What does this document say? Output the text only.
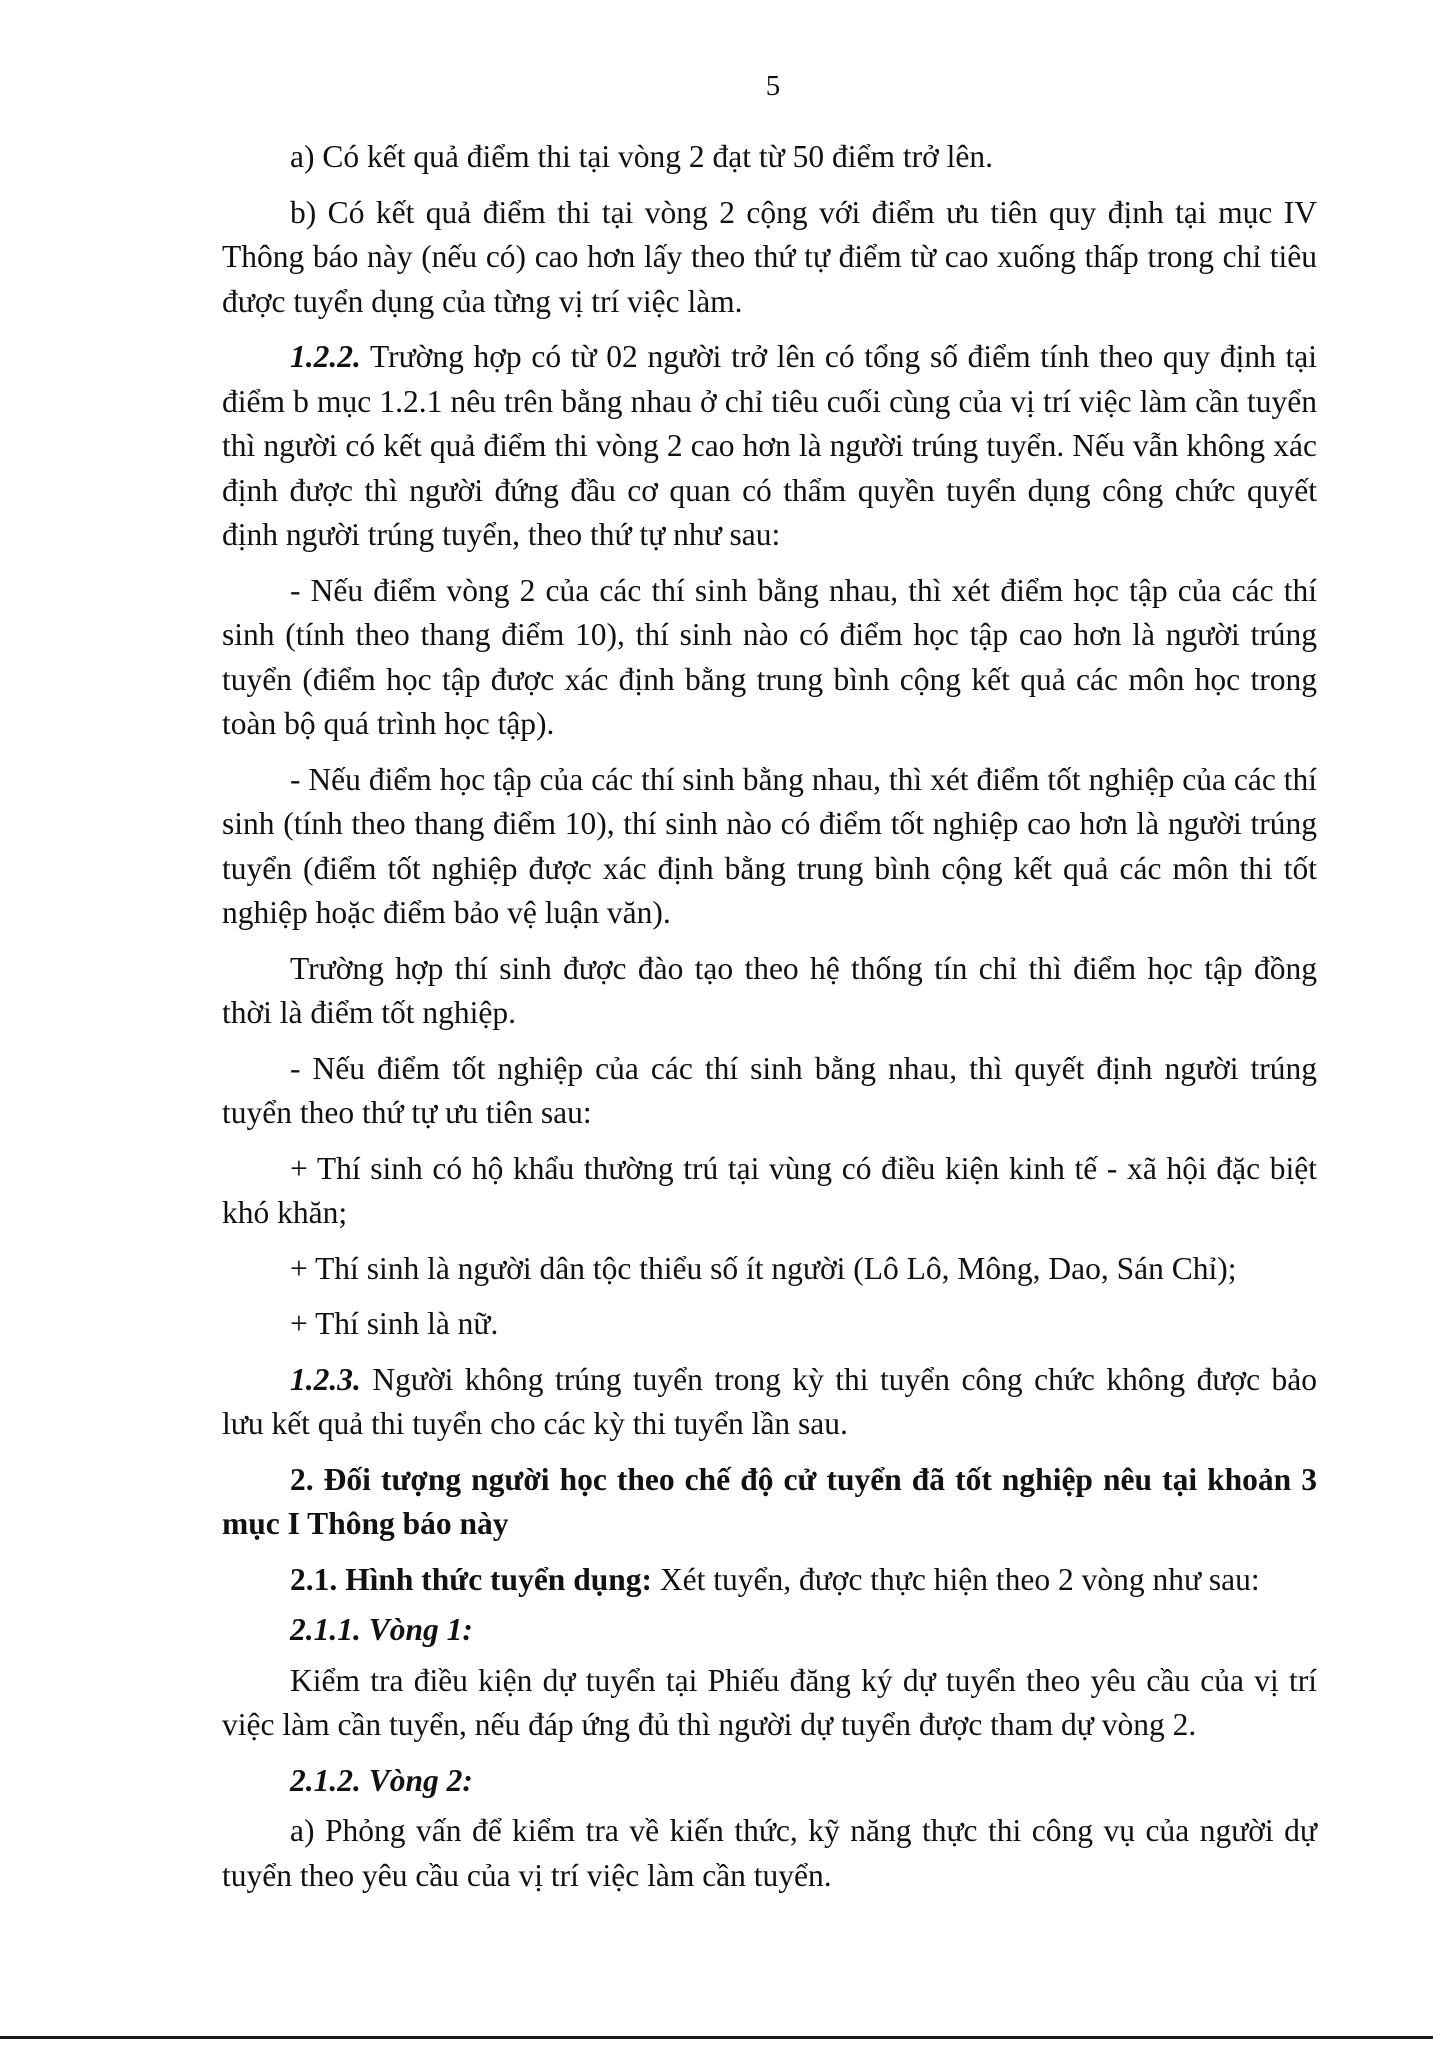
5

a) Có kết quả điểm thi tại vòng 2 đạt từ 50 điểm trở lên.

b) Có kết quả điểm thi tại vòng 2 cộng với điểm ưu tiên quy định tại mục IV Thông báo này (nếu có) cao hơn lấy theo thứ tự điểm từ cao xuống thấp trong chỉ tiêu được tuyển dụng của từng vị trí việc làm.

1.2.2. Trường hợp có từ 02 người trở lên có tổng số điểm tính theo quy định tại điểm b mục 1.2.1 nêu trên bằng nhau ở chỉ tiêu cuối cùng của vị trí việc làm cần tuyển thì người có kết quả điểm thi vòng 2 cao hơn là người trúng tuyển. Nếu vẫn không xác định được thì người đứng đầu cơ quan có thẩm quyền tuyển dụng công chức quyết định người trúng tuyển, theo thứ tự như sau:

- Nếu điểm vòng 2 của các thí sinh bằng nhau, thì xét điểm học tập của các thí sinh (tính theo thang điểm 10), thí sinh nào có điểm học tập cao hơn là người trúng tuyển (điểm học tập được xác định bằng trung bình cộng kết quả các môn học trong toàn bộ quá trình học tập).

- Nếu điểm học tập của các thí sinh bằng nhau, thì xét điểm tốt nghiệp của các thí sinh (tính theo thang điểm 10), thí sinh nào có điểm tốt nghiệp cao hơn là người trúng tuyển (điểm tốt nghiệp được xác định bằng trung bình cộng kết quả các môn thi tốt nghiệp hoặc điểm bảo vệ luận văn).

Trường hợp thí sinh được đào tạo theo hệ thống tín chỉ thì điểm học tập đồng thời là điểm tốt nghiệp.

- Nếu điểm tốt nghiệp của các thí sinh bằng nhau, thì quyết định người trúng tuyển theo thứ tự ưu tiên sau:

+ Thí sinh có hộ khẩu thường trú tại vùng có điều kiện kinh tế - xã hội đặc biệt khó khăn;

+ Thí sinh là người dân tộc thiểu số ít người (Lô Lô, Mông, Dao, Sán Chỉ);

+ Thí sinh là nữ.

1.2.3. Người không trúng tuyển trong kỳ thi tuyển công chức không được bảo lưu kết quả thi tuyển cho các kỳ thi tuyển lần sau.

2. Đối tượng người học theo chế độ cử tuyển đã tốt nghiệp nêu tại khoản 3 mục I Thông báo này

2.1. Hình thức tuyển dụng: Xét tuyển, được thực hiện theo 2 vòng như sau:

2.1.1. Vòng 1:

Kiểm tra điều kiện dự tuyển tại Phiếu đăng ký dự tuyển theo yêu cầu của vị trí việc làm cần tuyển, nếu đáp ứng đủ thì người dự tuyển được tham dự vòng 2.

2.1.2. Vòng 2:

a) Phỏng vấn để kiểm tra về kiến thức, kỹ năng thực thi công vụ của người dự tuyển theo yêu cầu của vị trí việc làm cần tuyển.
